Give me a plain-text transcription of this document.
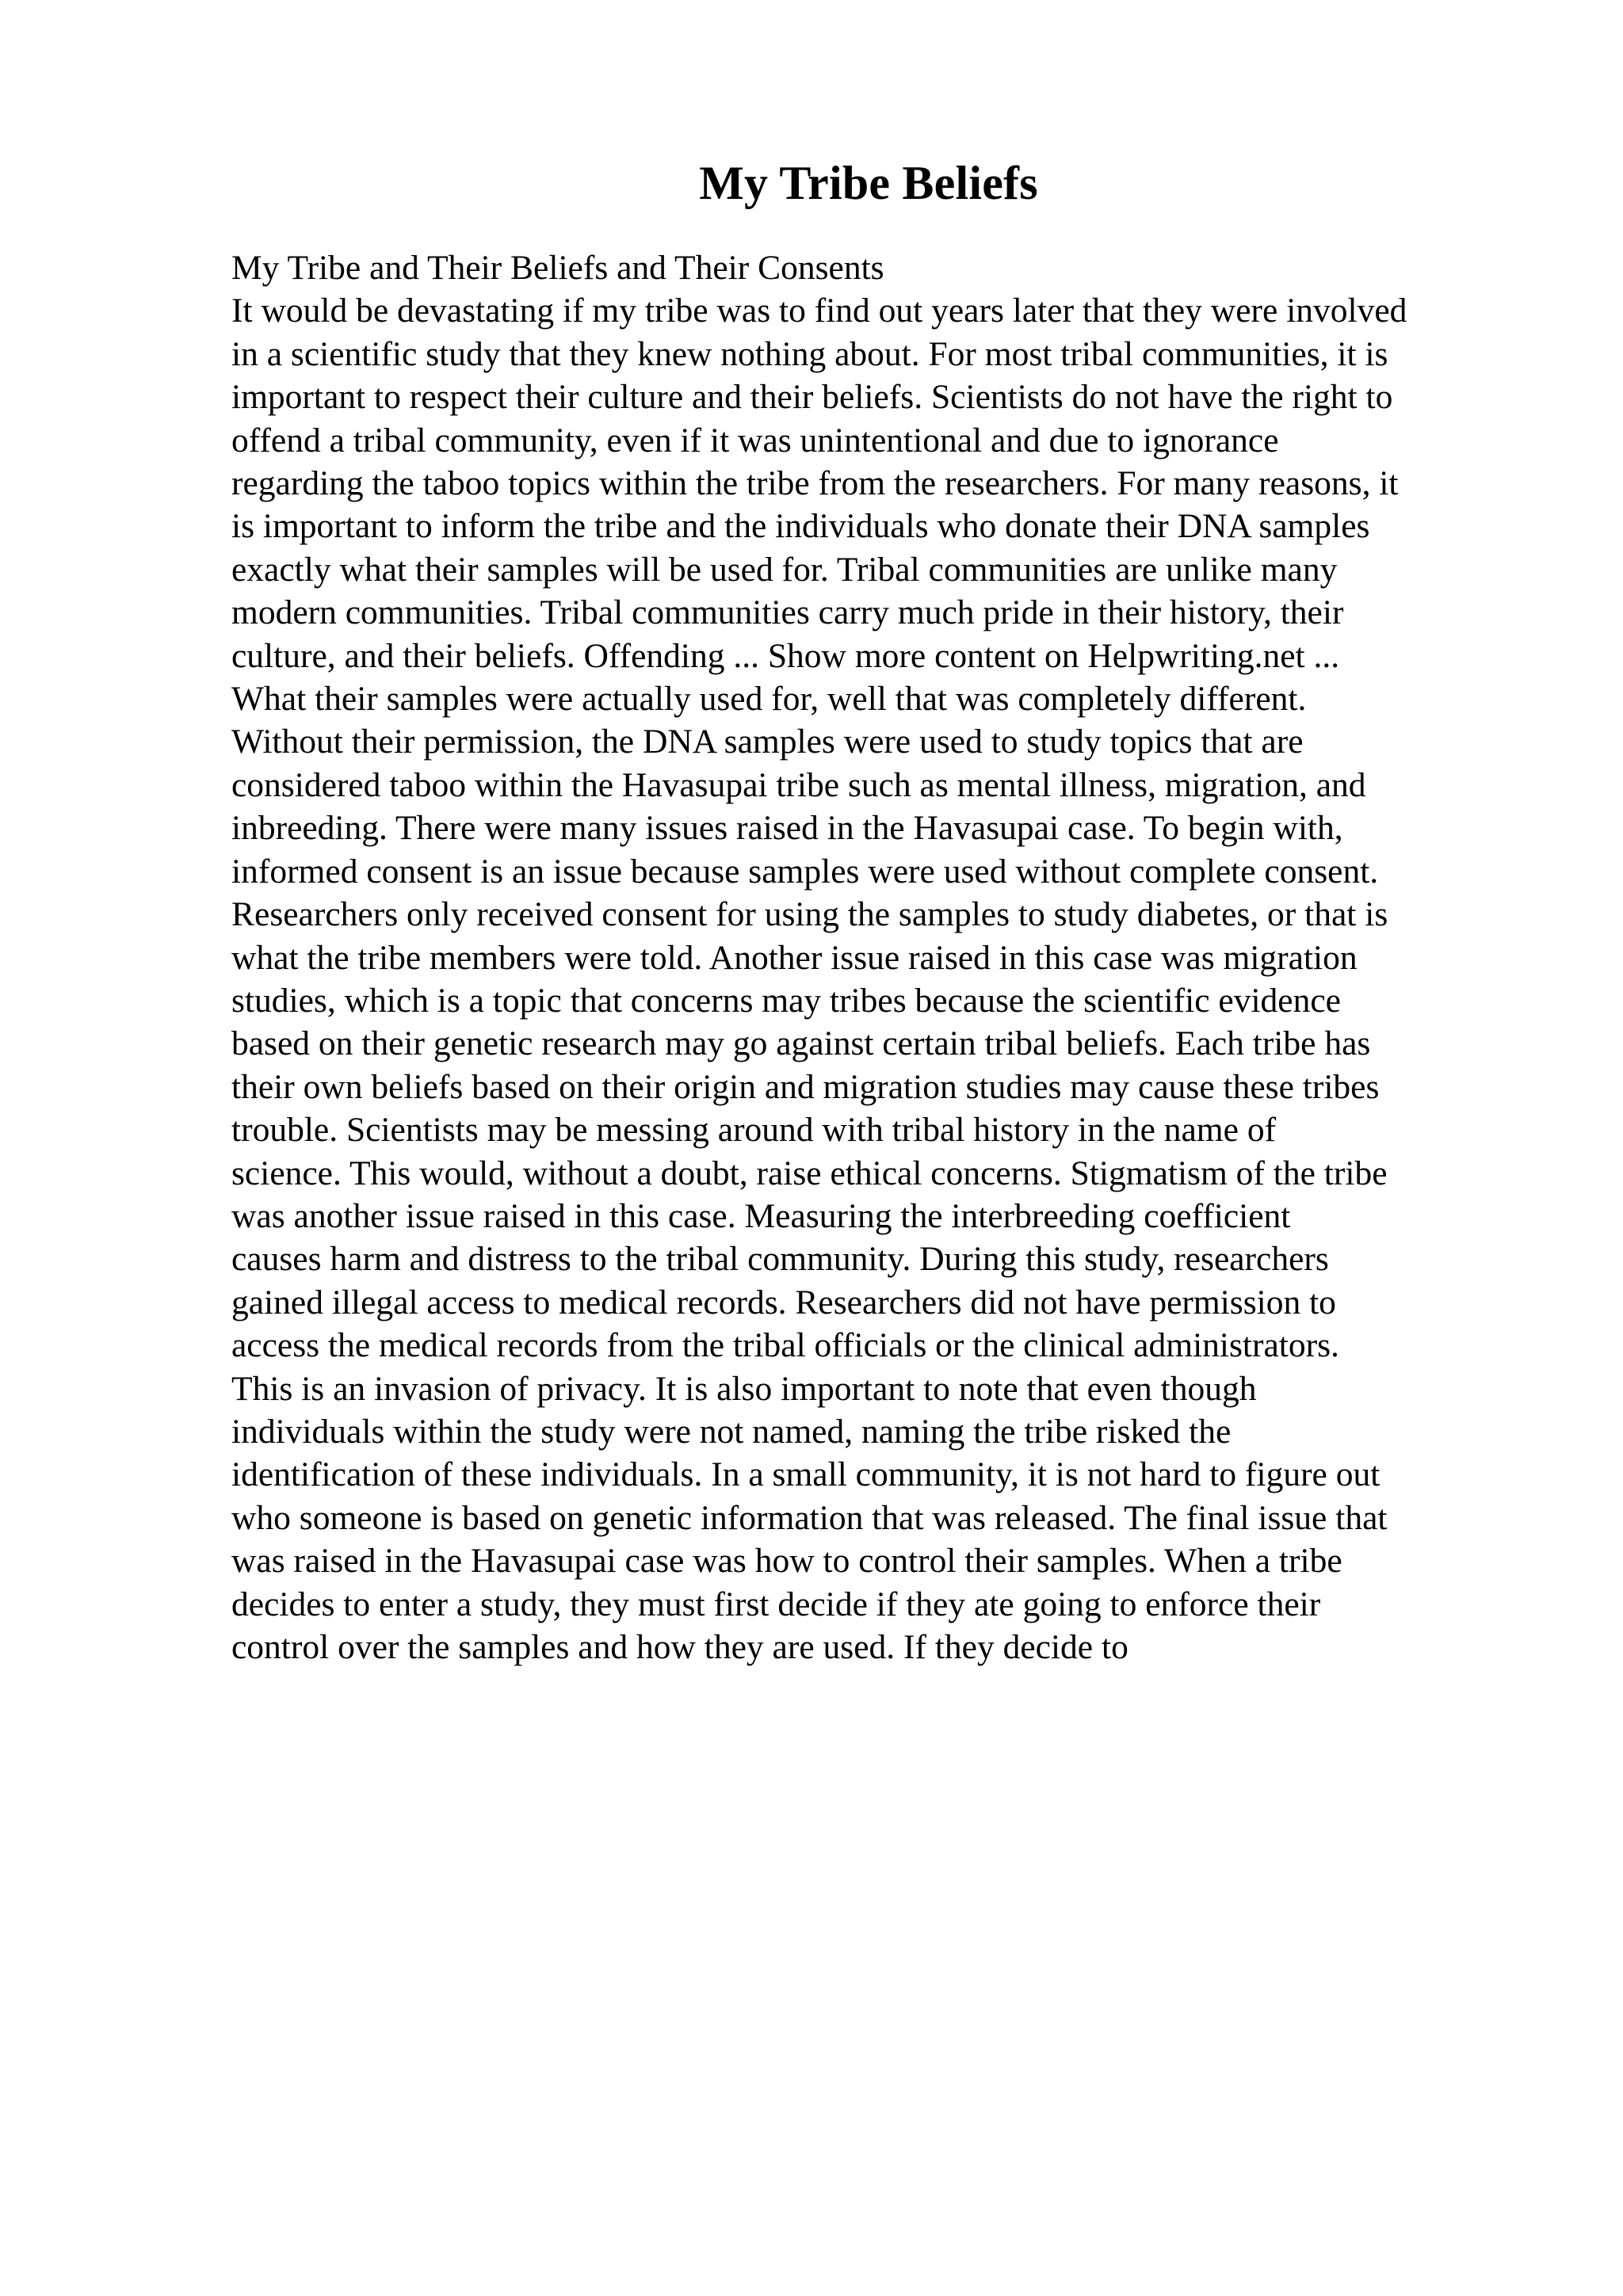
My Tribe Beliefs
My Tribe and Their Beliefs and Their Consents
It would be devastating if my tribe was to find out years later that they were involved
in a scientific study that they knew nothing about. For most tribal communities, it is
important to respect their culture and their beliefs. Scientists do not have the right to
offend a tribal community, even if it was unintentional and due to ignorance
regarding the taboo topics within the tribe from the researchers. For many reasons, it
is important to inform the tribe and the individuals who donate their DNA samples
exactly what their samples will be used for. Tribal communities are unlike many
modern communities. Tribal communities carry much pride in their history, their
culture, and their beliefs. Offending ... Show more content on Helpwriting.net ...
What their samples were actually used for, well that was completely different.
Without their permission, the DNA samples were used to study topics that are
considered taboo within the Havasupai tribe such as mental illness, migration, and
inbreeding. There were many issues raised in the Havasupai case. To begin with,
informed consent is an issue because samples were used without complete consent.
Researchers only received consent for using the samples to study diabetes, or that is
what the tribe members were told. Another issue raised in this case was migration
studies, which is a topic that concerns may tribes because the scientific evidence
based on their genetic research may go against certain tribal beliefs. Each tribe has
their own beliefs based on their origin and migration studies may cause these tribes
trouble. Scientists may be messing around with tribal history in the name of
science. This would, without a doubt, raise ethical concerns. Stigmatism of the tribe
was another issue raised in this case. Measuring the interbreeding coefficient
causes harm and distress to the tribal community. During this study, researchers
gained illegal access to medical records. Researchers did not have permission to
access the medical records from the tribal officials or the clinical administrators.
This is an invasion of privacy. It is also important to note that even though
individuals within the study were not named, naming the tribe risked the
identification of these individuals. In a small community, it is not hard to figure out
who someone is based on genetic information that was released. The final issue that
was raised in the Havasupai case was how to control their samples. When a tribe
decides to enter a study, they must first decide if they ate going to enforce their
control over the samples and how they are used. If they decide to
